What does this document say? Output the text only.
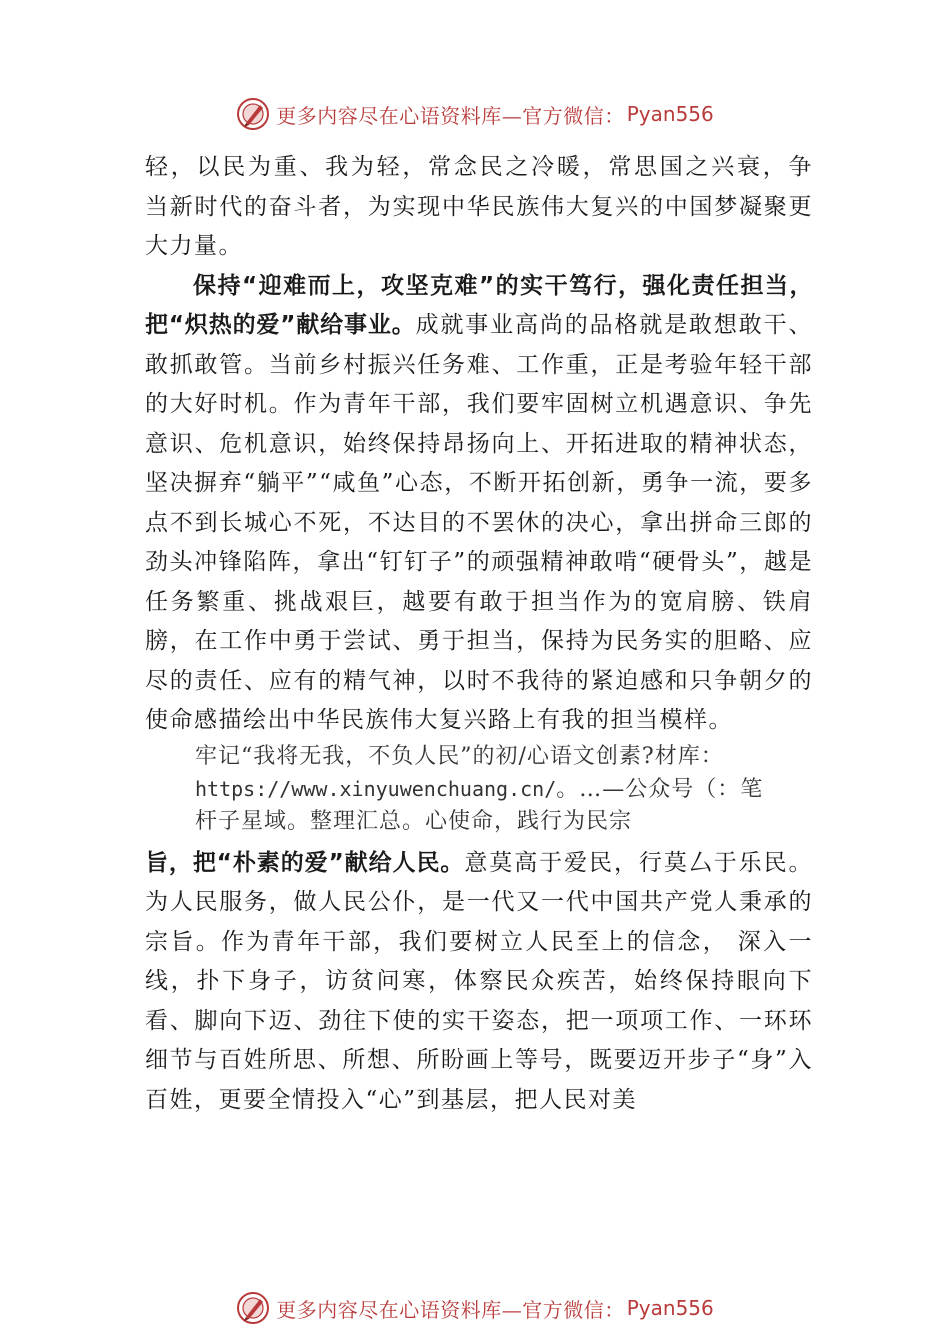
更多内容尽在心语资料库—官方微信： Pyan556

轻，以民为重、我为轻，常念民之冷暖，常思国之兴衰，争 当新时代的奋斗者，为实现中华民族伟大复兴的中国梦凝聚更大力量。

保持“迎难而上，攻坚克难”的实干笃行，强化责任担当，把“炽热的爱”献给事业。成就事业高尚的品格就是敢想敢干、敢抓敢管。当前乡村振兴任务难、工作重，正是考验年轻干部的大好时机。作为青年干部，我们要牢固树立机遇意识、争先意识、危机意识，始终保持昂扬向上、开拓进取的精神状态，坚决摒弃“躺平”“咸鱼”心态，不断开拓创新，勇争一流，要多点不到长城心不死，不达目的不罢休的决心，拿出拼命三郎的劲头冲锋陷阵，拿出“钉钉子”的顽强精神敢啃“硬骨头”，越是任务繁重、挑战艰巨，越要有敢于担当作为的宽肩膀、铁肩膀，在工作中勇于尝试、勇于担当，保持为民务实的胆略、应尽的责任、应有的精气神，以时不我待的紧迫感和只争朝夕的使命感描绘出中华民族伟大复兴路上有我的担当模样。

牢记“我将无我，不负人民”的初/心语文创素?材库：
https://www.xinyuwenchuang.cn/。…—公众号（：笔
杆子星域。整理汇总。心使命，践行为民宗

旨，把“朴素的爱”献给人民。意莫高于爱民，行莫厶于乐民。为人民服务，做人民公仆，是一代又一代中国共产党人秉承的宗旨。作为青年干部，我们要树立人民至上的信念， 深入一线，扑下身子，访贫问寒，体察民众疾苦，始终保持眼向下看、脚向下迈、劲往下使的实干姿态，把一项项工作、一环环细节与百姓所思、所想、所盼画上等号，既要迈开步子“身”入百姓，更要全情投入“心”到基层，把人民对美

更多内容尽在心语资料库—官方微信： Pyan556
